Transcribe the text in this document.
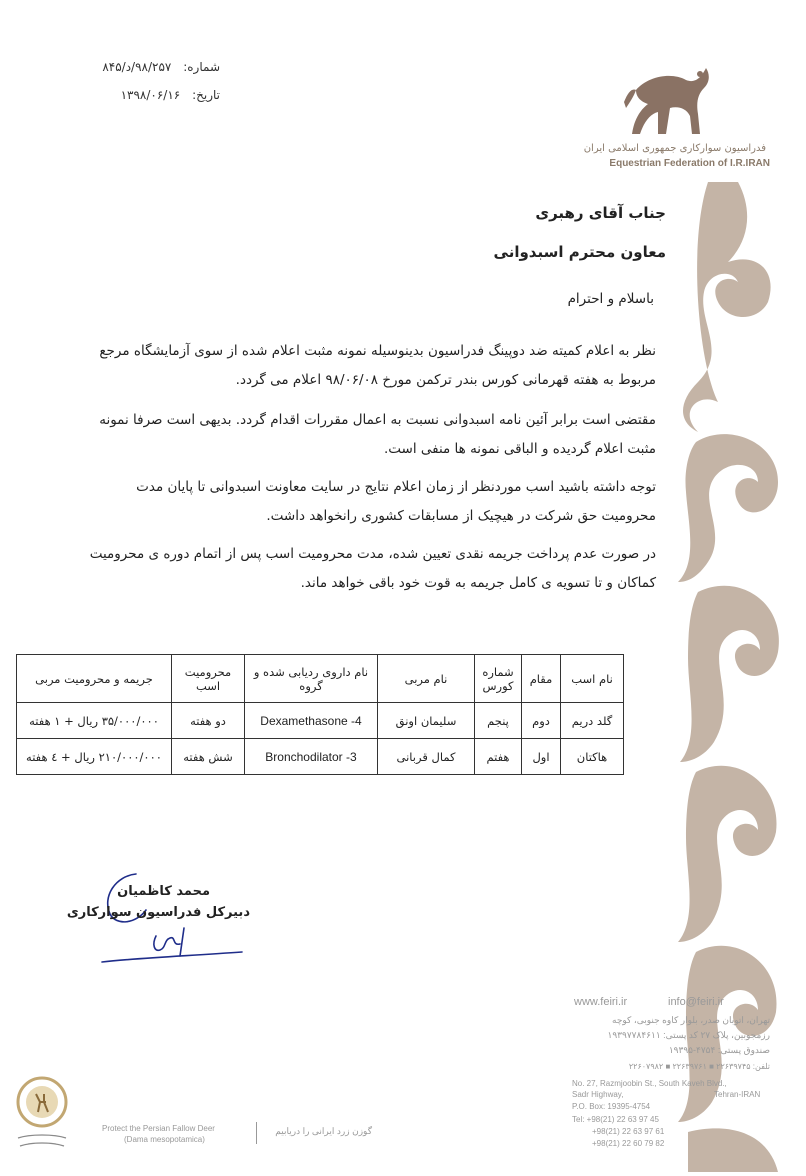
شماره: ۹۸/۲۵۷/د/۸۴۵
تاریخ: ۱۳۹۸/۰۶/۱۶
فدراسیون سوارکاری جمهوری اسلامی ایران
Equestrian Federation of I.R.IRAN
جناب آقای رهبری
معاون محترم اسبدوانی
باسلام و احترام
نظر به اعلام کمیته ضد دوپینگ فدراسیون بدینوسیله نمونه مثبت اعلام شده از سوی آزمایشگاه مرجع
مربوط به هفته قهرمانی کورس بندر ترکمن مورخ ۹۸/۰۶/۰۸ اعلام می گردد.
مقتضی است برابر آئین نامه اسبدوانی نسبت به اعمال مقررات اقدام گردد. بدیهی است صرفا نمونه
مثبت اعلام گردیده و الباقی نمونه ها منفی است.
توجه داشته باشید اسب موردنظر از زمان اعلام نتایج در سایت معاونت اسبدوانی تا پایان مدت
محرومیت حق شرکت در هیچیک از مسابقات کشوری رانخواهد داشت.
در صورت عدم پرداخت جریمه نقدی تعیین شده، مدت محرومیت اسب پس از اتمام دوره ی محرومیت
کماکان و تا تسویه ی کامل جریمه به قوت خود باقی خواهد ماند.
نام اسب	مقام	شماره کورس	نام مربی	نام داروی ردیابی شده و گروه	محرومیت اسب	جریمه و محرومیت مربی
گلد دریم	دوم	پنجم	سلیمان اونق	4- Dexamethasone	دو هفته	۳۵/۰۰۰/۰۰۰ ریال + ۱ هفته
هاکتان	اول	هفتم	کمال قربانی	3- Bronchodilator	شش هفته	۲۱۰/۰۰۰/۰۰۰ ریال + ٤ هفته
محمد کاظمیان
دبیرکل فدراسیون سوارکاری
www.feiri.ir	info@feiri.ir
تهران، اتوبان صدر، بلوار کاوه جنوبی، کوچه
رزمجوبین، پلاک ۲۷ کد پستی: ۱۹۳۹۷۷۸۴۶۱۱
صندوق پستی: ۴۷۵۴-۱۹۳۹۵
تلفن: ۲۲۶۳۹۷۴۵ ■ ۲۲۶۳۹۷۶۱ ■ ۲۲۶۰۷۹۸۲
No. 27, Razmjoobin St., South Kaveh Blvd.,
Sadr Highway,	Tehran-IRAN
P.O. Box: 19395-4754
Tel: +98(21) 22 63 97 45
+98(21) 22 63 97 61
+98(21) 22 60 79 82
Protect the Persian Fallow Deer
(Dama mesopotamica)
گوزن زرد ایرانی را دریابیم
